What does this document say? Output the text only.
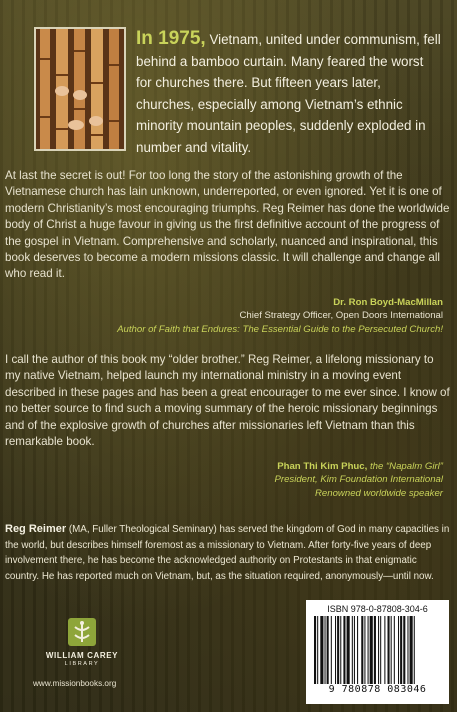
In 1975, Vietnam, united under communism, fell behind a bamboo curtain. Many feared the worst for churches there. But fifteen years later, churches, especially among Vietnam’s ethnic minority mountain peoples, suddenly exploded in number and vitality.
At last the secret is out! For too long the story of the astonishing growth of the Vietnamese church has lain unknown, underreported, or even ignored. Yet it is one of modern Christianity’s most encouraging triumphs. Reg Reimer has done the worldwide body of Christ a huge favour in giving us the first definitive account of the progress of the gospel in Vietnam. Comprehensive and scholarly, nuanced and inspirational, this book deserves to become a modern missions classic. It will challenge and change all who read it.
Dr. Ron Boyd-MacMillan
Chief Strategy Officer, Open Doors International
Author of Faith that Endures: The Essential Guide to the Persecuted Church!
I call the author of this book my “older brother.” Reg Reimer, a lifelong missionary to my native Vietnam, helped launch my international ministry in a moving event described in these pages and has been a great encourager to me ever since. I know of no better source to find such a moving summary of the heroic missionary beginnings and of the explosive growth of churches after missionaries left Vietnam than this remarkable book.
Phan Thi Kim Phuc, the “Napalm Girl”
President, Kim Foundation International
Renowned worldwide speaker
Reg Reimer (MA, Fuller Theological Seminary) has served the kingdom of God in many capacities in the world, but describes himself foremost as a missionary to Vietnam. After forty-five years of deep involvement there, he has become the acknowledged authority on Protestants in that enigmatic country. He has reported much on Vietnam, but, as the situation required, anonymously—until now.
WILLIAM CAREY
LIBRARY
www.missionbooks.org
ISBN 978-0-87808-304-6
9 780878 083046
